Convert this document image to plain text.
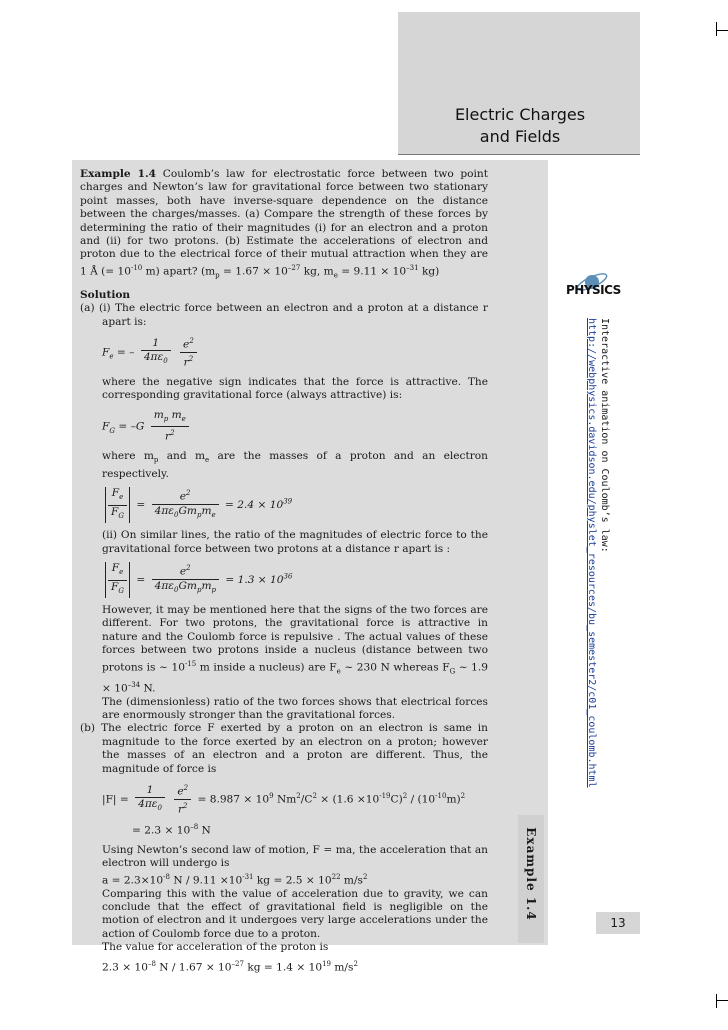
Electric Charges
and Fields
Example 1.4

Example 1.4 Coulomb’s law for electrostatic force between two point charges and Newton’s law for gravitational force between two stationary point masses, both have inverse-square dependence on the distance between the charges/masses. (a) Compare the strength of these forces by determining the ratio of their magnitudes (i) for an electron and a proton and (ii) for two protons. (b) Estimate the accelerations of electron and proton due to the electrical force of their mutual attraction when they are 1 Å (= $10^{-10}$ m) apart? ($m_p = 1.67 \times 10^{-27}$ kg, $m_e = 9.11 \times 10^{-31}$ kg)

Solution

(a) (i) The electric force between an electron and a proton at a distance r apart is:

$F_e$ = – $\frac{1}{4\pi\varepsilon_0}$
$\frac{e^2}{r^2}$

where the negative sign indicates that the force is attractive. The corresponding gravitational force (always attractive) is:

$F_G = -G \frac{m_p m_e}{r^2}$

where $m_p$ and $m_e$ are the masses of a proton and an electron respectively.

$\frac{F_e}{F_G} = \frac{e^2}{4\pi\varepsilon_0Gm_pm_e} = 2.4 \times 10^{39}$

(ii) On similar lines, the ratio of the magnitudes of electric force to the gravitational force between two protons at a distance r apart is :

$\frac{F_e}{F_G} = \frac{e^2}{4\pi\varepsilon_0Gm_pm_p} = 1.3 \times 10^{36}$

However, it may be mentioned here that the signs of the two forces are different. For two protons, the gravitational force is attractive in nature and the Coulomb force is repulsive . The actual values of these forces between two protons inside a nucleus (distance between two protons is ~ $10^{-15}$ m inside a nucleus) are $F_e$ ~ 230 N whereas $F_G$ ~ $1.9 \times 10^{-34}$ N.

The (dimensionless) ratio of the two forces shows that electrical forces are enormously stronger than the gravitational forces.

(b) The electric force F exerted by a proton on an electron is same in magnitude to the force exerted by an electron on a proton; however the masses of an electron and a proton are different. Thus, the magnitude of force is

$|F| = \frac{1}{4\pi\varepsilon_0}$
$\frac{e^2}{r^2} = 8.987 \times 10^9$ $Nm^2/C^2 \times (1.6 \times 10^{-19}C)^2 / (10^{-10}m)^2$
= $2.3 \times 10^{-8}$ N

Using Newton’s second law of motion, F = ma, the acceleration that an electron will undergo is

$a = 2.3\times 10^{-8}$ $N / 9.11 \times 10^{-31}$ kg = $2.5 \times 10^{22}$ $m/s^2$

Comparing this with the value of acceleration due to gravity, we can conclude that the effect of gravitational field is negligible on the motion of electron and it undergoes very large accelerations under the action of Coulomb force due to a proton.

The value for acceleration of the proton is

$2.3 \times 10^{-8}$ $N / 1.67 \times 10^{-27}$ kg = $1.4 \times 10^{19}$ $m/s^2$

PHYSICS
Interactive animation on Coulomb’s law:
http://webphysics.davidson.edu/physlet_resources/bu_semester2/c01_coulomb.html
13
